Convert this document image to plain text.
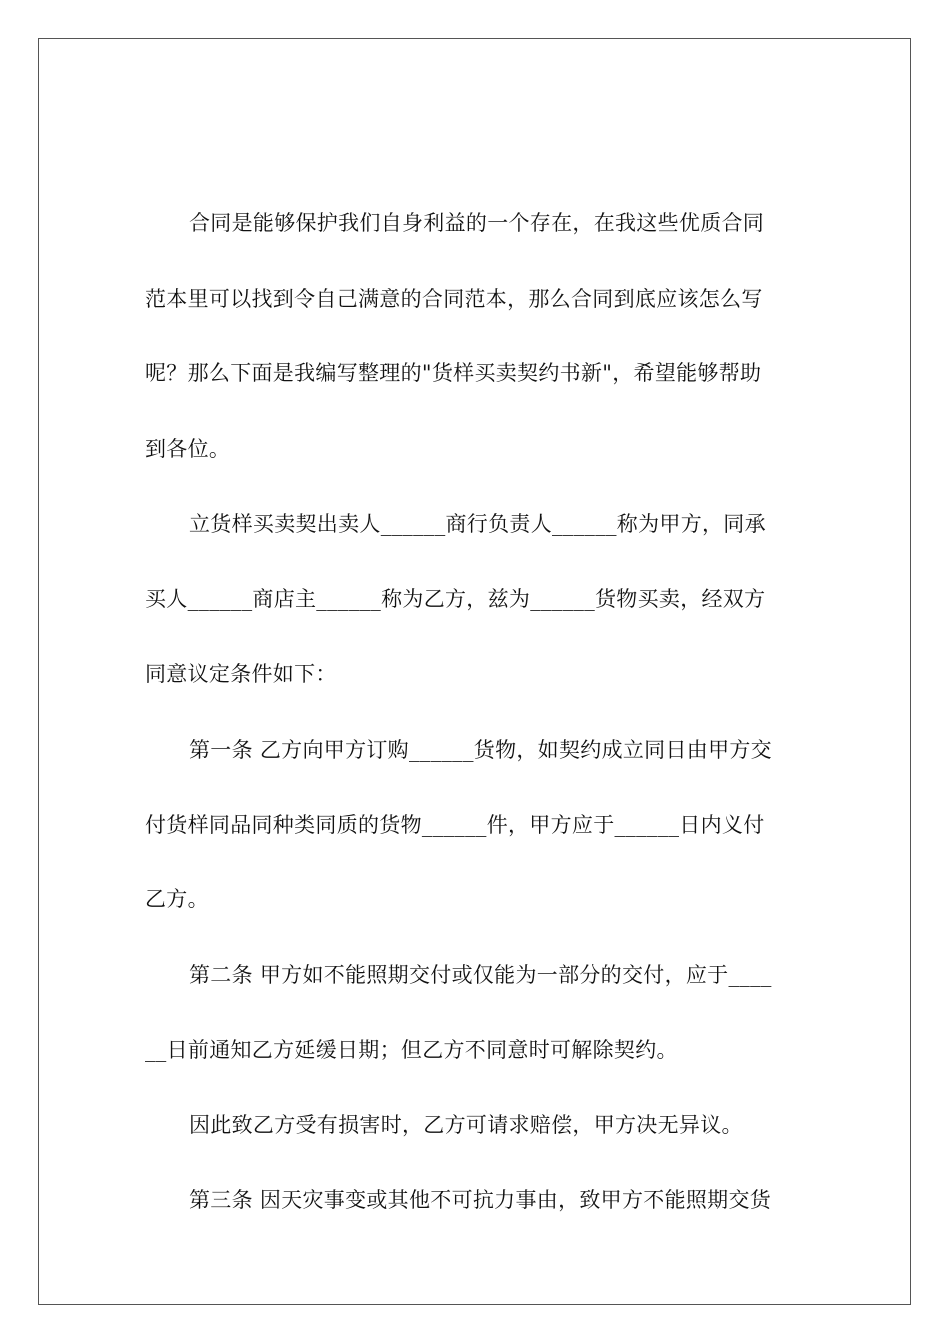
合同是能够保护我们自身利益的一个存在，在我这些优质合同
范本里可以找到令自己满意的合同范本，那么合同到底应该怎么写
呢？那么下面是我编写整理的"货样买卖契约书新"，希望能够帮助
到各位。
立货样买卖契出卖人______商行负责人______称为甲方，同承
买人______商店主______称为乙方，兹为______货物买卖，经双方
同意议定条件如下：
第一条 乙方向甲方订购______货物，如契约成立同日由甲方交
付货样同品同种类同质的货物______件，甲方应于______日内义付
乙方。
第二条 甲方如不能照期交付或仅能为一部分的交付，应于____
__日前通知乙方延缓日期；但乙方不同意时可解除契约。
因此致乙方受有损害时，乙方可请求赔偿，甲方决无异议。
第三条 因天灾事变或其他不可抗力事由，致甲方不能照期交货
